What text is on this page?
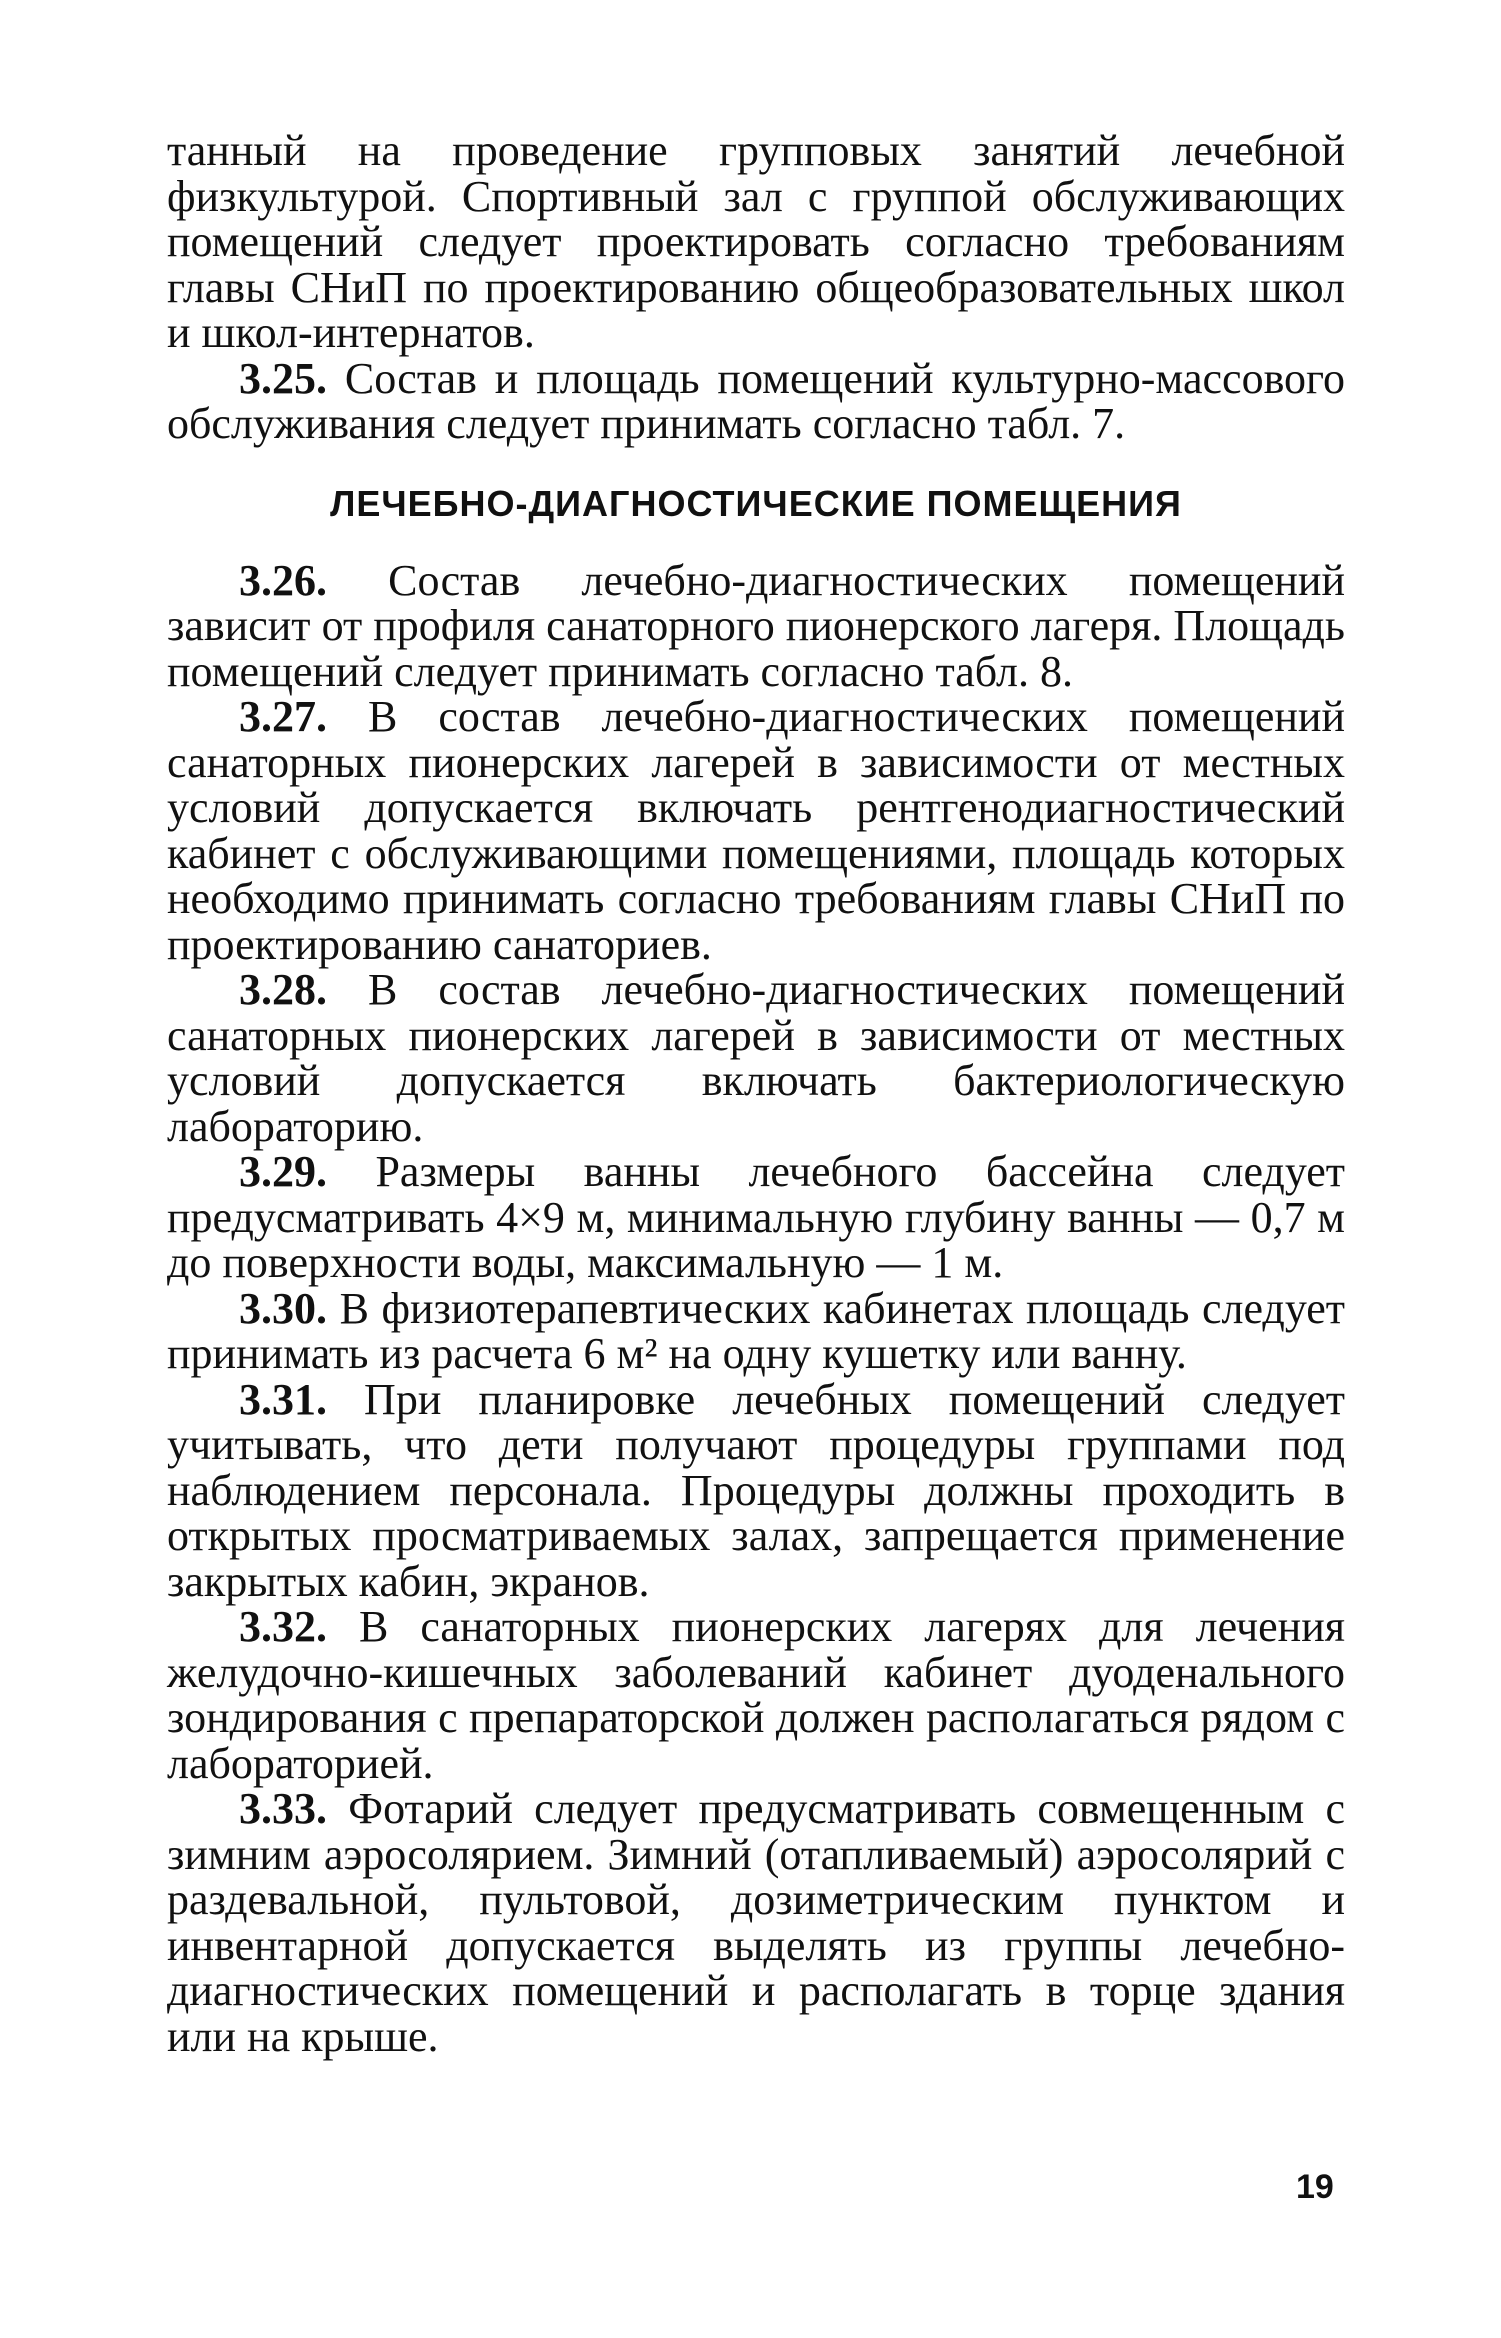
танный на проведение групповых занятий лечебной физкультурой. Спортивный зал с группой обслуживающих помещений следует проектировать согласно требованиям главы СНиП по проектированию общеобразовательных школ и школ-интернатов.

3.25. Состав и площадь помещений культурно-массового обслуживания следует принимать согласно табл. 7.

ЛЕЧЕБНО-ДИАГНОСТИЧЕСКИЕ ПОМЕЩЕНИЯ

3.26. Состав лечебно-диагностических помещений зависит от профиля санаторного пионерского лагеря. Площадь помещений следует принимать согласно табл. 8.

3.27. В состав лечебно-диагностических помещений санаторных пионерских лагерей в зависимости от местных условий допускается включать рентгенодиагностический кабинет с обслуживающими помещениями, площадь которых необходимо принимать согласно требованиям главы СНиП по проектированию санаториев.

3.28. В состав лечебно-диагностических помещений санаторных пионерских лагерей в зависимости от местных условий допускается включать бактериологическую лабораторию.

3.29. Размеры ванны лечебного бассейна следует предусматривать 4×9 м, минимальную глубину ванны — 0,7 м до поверхности воды, максимальную — 1 м.

3.30. В физиотерапевтических кабинетах площадь следует принимать из расчета 6 м² на одну кушетку или ванну.

3.31. При планировке лечебных помещений следует учитывать, что дети получают процедуры группами под наблюдением персонала. Процедуры должны проходить в открытых просматриваемых залах, запрещается применение закрытых кабин, экранов.

3.32. В санаторных пионерских лагерях для лечения желудочно-кишечных заболеваний кабинет дуоденального зондирования с препараторской должен располагаться рядом с лабораторией.

3.33. Фотарий следует предусматривать совмещенным с зимним аэросолярием. Зимний (отапливаемый) аэросолярий с раздевальной, пультовой, дозиметрическим пунктом и инвентарной допускается выделять из группы лечебно-диагностических помещений и располагать в торце здания или на крыше.

19
